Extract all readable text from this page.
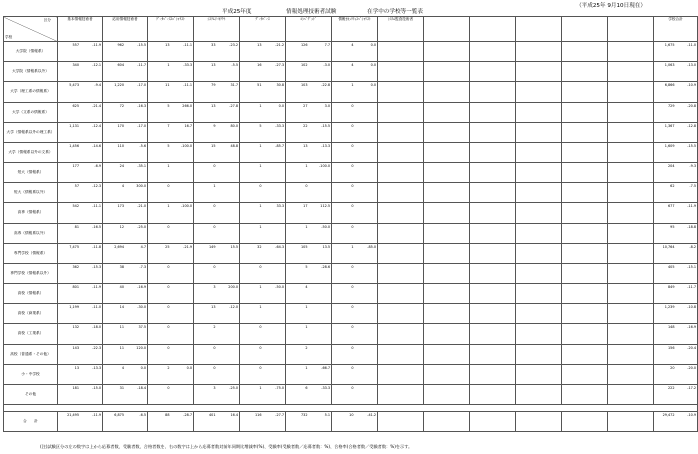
平成25年度	情報処理技術者試験	在学中の学校等一覧表
（平成25年 9月10日現在）
区分
学校	基本情報技術者	応用情報技術者	ﾃﾞｰﾀﾍﾞｰｽｽﾍﾟｼｬﾘｽﾄ	ｼｽﾃﾑｱｰｷﾃｸﾄ	ﾃﾞｰﾀﾍﾞｰｽ	ｴﾝﾍﾞﾃﾞｯﾄﾞ	情報ｾｷｭﾘﾃｨｽﾍﾟｼｬﾘｽﾄ	ｼｽﾃﾑ監査技術者						学校合計
大学院（情報系）	557 -11.9	962 -15.5	13 -11.1	33 -23.2	13 -21.2	126 7.7	4 0.0							1,675 -11.0

大学院（情報系以外）	340 -12.1	604 -11.7	1 -33.3	13 -5.5	16 -27.3	102 -3.0	4 0.0							1,063 -13.0

大学（理工系の情報系）	5,473 -9.4	1,220 -17.0	11 -11.1	79 31.7	51 30.8	103 -22.8	1 0.0							6,866 -10.9

大学（文系の情報系）	625 -21.4	72 -16.3	5 266.0	13 -27.8	1 0.0	27 3.0	0							729 -20.8

大学（情報系以外の理工系）	1,131 -12.4	170 -17.0	7 16.7	9 80.0	5 -33.3	22 -15.5	0							1,367 -12.8

大学（情報系以外の文系）	1,456 -14.6	110 -5.6	5 -100.0	15 48.8	1 -85.7	13 -13.3	0							1,609 -15.5

短大（情報系）	177 -6.9	24 -35.1	1	0	1	1 -100.0	0							204 -9.3

短大（情報系以外）	57 -12.3	4 300.0	0	1	0	0	0							62 -7.5

高専（情報系）	542 -11.1	173 -21.0	1 -100.0	0	1 33.3	17 112.5	0							677 -11.9

高専（情報系以外）	81 -16.5	12 -25.0	0	0	1	1 -50.0	0							95 -18.8

専門学校（情報系）	7,475 -11.8	2,694 4.7	25 -21.9	149 15.5	32 -64.3	105 13.5	1 -85.0							10,764 -8.2

専門学校（情報系以外）	362 -15.3	38 -7.3	0	0	0	5 -28.6	0							405 -15.1

高校（情報系）	801 -11.9	40 -16.9	0	3 200.0	1 -50.0	4	0							849 -11.7

高校（商業系）	1,199 -11.0	14 -30.0	0	13 -12.0	1	1	0							1,239 -10.8

高校（工業系）	132 -18.0	11 37.5	0	2	0	1	0							148 -16.9

高校（普通系・その他）	143 -22.3	11 120.0	0	0	0	2	0							156 -20.4

小・中学校	13 -13.3	4 0.0	2 0.0	0	0	1 -66.7	0							20 -20.0

その他	181 -15.0	31 -18.4	0	3 -25.0	1 -75.0	6 -33.3	0							222 -17.2

合　　計	21,495 -11.9	6,875 -6.5	88 -28.7	401 16.4	116 -27.7	732 5.1	10 -41.2							29,472 -10.9
(注)試験区分の左の数字は上から応募者数、受験者数、合格者数を、右の数字は上から応募者数対前年同期比増減率(%)、受験率(受験者数／応募者数：%)、合格率(合格者数／受験者数：%)を示す。
